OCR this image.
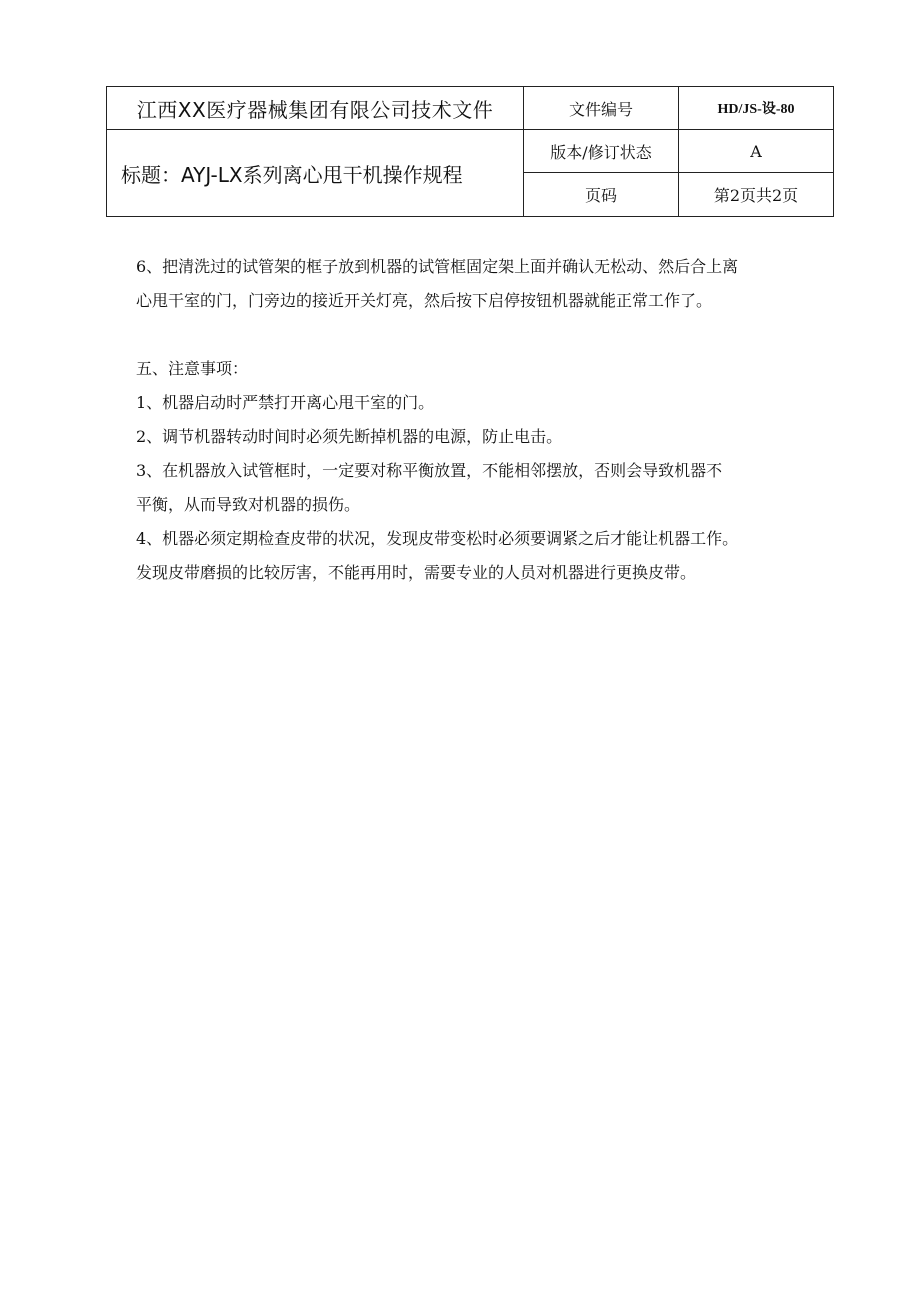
江西XX医疗器械集团有限公司技术文件	文件编号	HD/JS-设-80
标题：AYJ-LX系列离心甩干机操作规程	版本/修订状态	A
	页码	第2页共2页

6、把清洗过的试管架的框子放到机器的试管框固定架上面并确认无松动、然后合上离

心甩干室的门，门旁边的接近开关灯亮，然后按下启停按钮机器就能正常工作了。

五、注意事项：

1、机器启动时严禁打开离心甩干室的门。

2、调节机器转动时间时必须先断掉机器的电源，防止电击。

3、在机器放入试管框时，一定要对称平衡放置，不能相邻摆放，否则会导致机器不

平衡，从而导致对机器的损伤。

4、机器必须定期检查皮带的状况，发现皮带变松时必须要调紧之后才能让机器工作。

发现皮带磨损的比较厉害，不能再用时，需要专业的人员对机器进行更换皮带。
